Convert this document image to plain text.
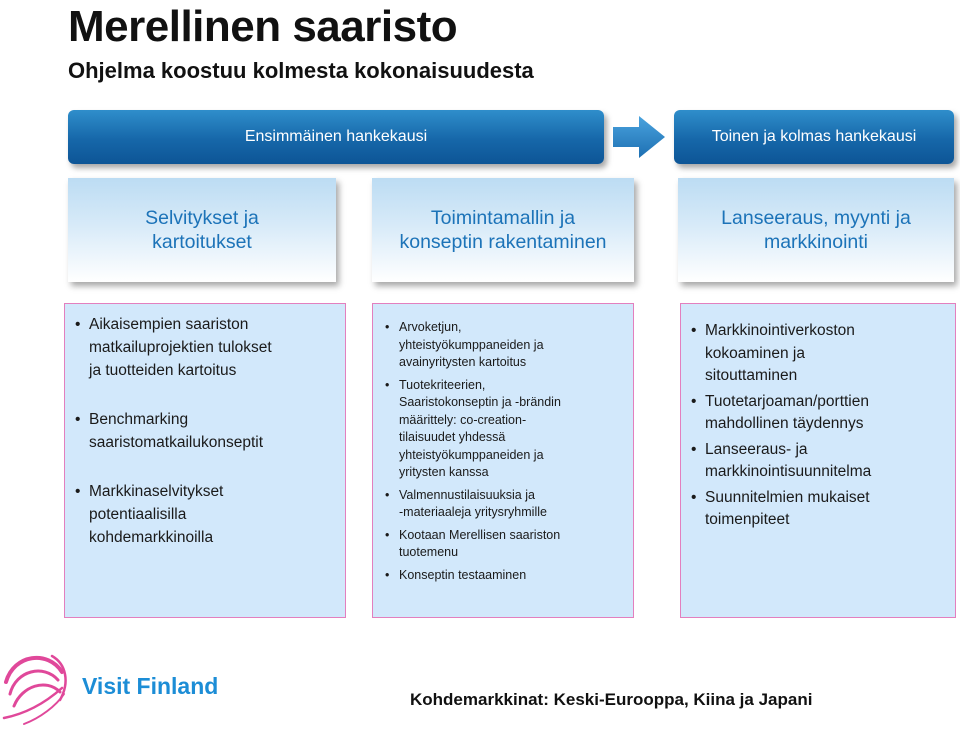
Merellinen saaristo
Ohjelma koostuu kolmesta kokonaisuudesta
Ensimmäinen hankekausi	Toinen ja kolmas hankekausi
Selvitykset ja
kartoitukset
Toimintamallin ja
konseptin rakentaminen
Lanseeraus, myynti ja
markkinointi
• Aikaisempien saariston
matkailuprojektien tulokset
ja tuotteiden kartoitus
• Benchmarking
saaristomatkailukonseptit
• Markkinaselvitykset
potentiaalisilla
kohdemarkkinoilla
• Arvoketjun,
yhteistyökumppaneiden ja
avainyritysten kartoitus
• Tuotekriteerien,
Saaristokonseptin ja -brändin
määrittely: co-creation-
tilaisuudet yhdessä
yhteistyökumppaneiden ja
yritysten kanssa
• Valmennustilaisuuksia ja
-materiaaleja yritysryhmille
• Kootaan Merellisen saariston
tuotemenu
• Konseptin testaaminen
• Markkinointiverkoston
kokoaminen ja
sitouttaminen
• Tuotetarjoaman/porttien
mahdollinen täydennys
• Lanseeraus- ja
markkinointisuunnitelma
• Suunnitelmien mukaiset
toimenpiteet
Visit Finland
Kohdemarkkinat: Keski-Eurooppa, Kiina ja Japani
